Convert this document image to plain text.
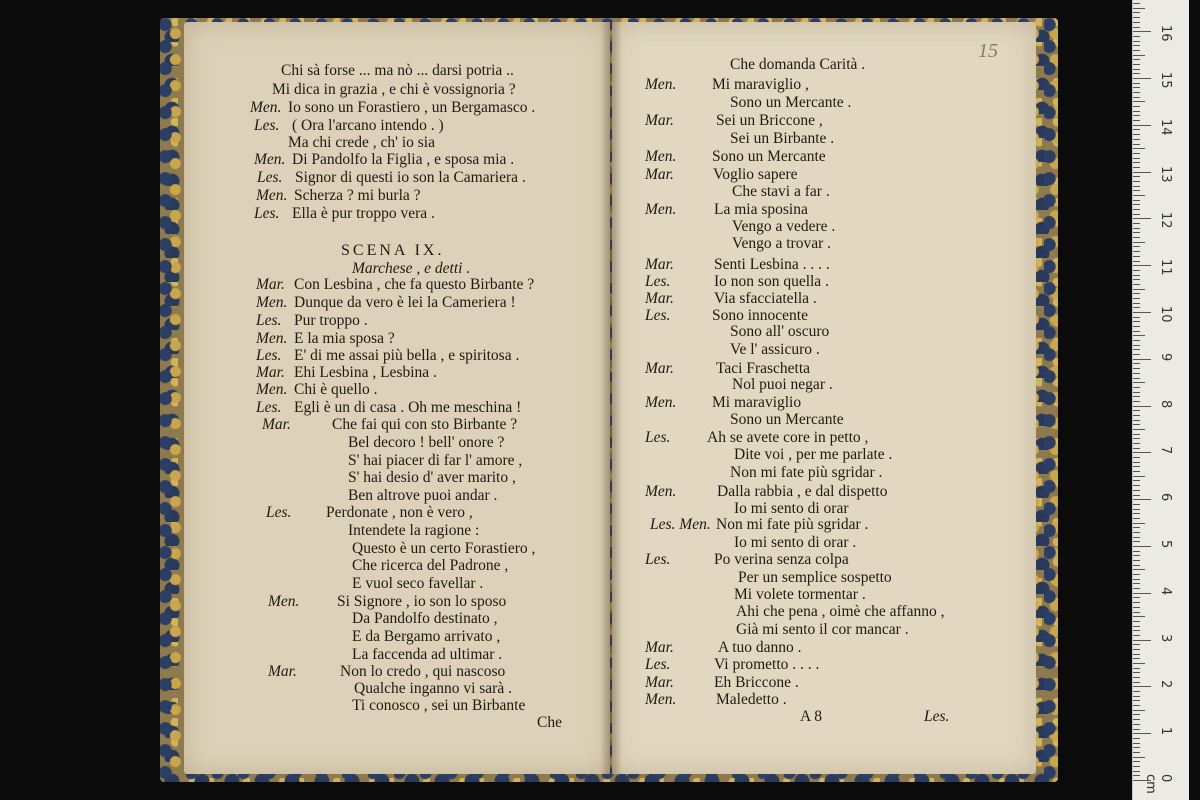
15
Chi sà forse ... ma nò ... darsi potria ..
Mi dica in grazia , e chi è vossignoria ?
Men. Io sono un Forastiero , un Bergamasco .
Les. ( Ora l'arcano intendo . )
Ma chi crede , ch' io sia
Men. Di Pandolfo la Figlia , e sposa mia .
Les. Signor di questi io son la Camariera .
Men. Scherza ? mi burla ?
Les. Ella è pur troppo vera .
SCENA IX.
Marchese , e detti .
Mar. Con Lesbina , che fa questo Birbante ?
Men. Dunque da vero è lei la Cameriera !
Les. Pur troppo .
Men. E la mia sposa ?
Les. E' di me assai più bella , e spiritosa .
Mar. Ehi Lesbina , Lesbina .
Men. Chi è quello .
Les. Egli è un di casa . Oh me meschina !
Mar.	Che fai qui con sto Birbante ?
Bel decoro ! bell' onore ?
S' hai piacer di far l' amore ,
S' hai desio d' aver marito ,
Ben altrove puoi andar .
Les. Perdonate , non è vero ,
Intendete la ragione :
Questo è un certo Forastiero ,
Che ricerca del Padrone ,
E vuol seco favellar .
Men. Si Signore , io son lo sposo
Da Pandolfo destinato ,
E da Bergamo arrivato ,
La faccenda ad ultimar .
Mar.	Non lo credo , qui nascoso
Qualche inganno vi sarà .
Ti conosco , sei un Birbante
Che
Che domanda Carità .
Men. Mi maraviglio ,
Sono un Mercante .
Mar.	Sei un Briccone ,
Sei un Birbante .
Men. Sono un Mercante
Mar.	Voglio sapere
Che stavi a far .
Men. La mia sposina
Vengo a vedere .
Vengo a trovar .
Mar.	Senti Lesbina . . . .
Les.	Io non son quella .
Mar.	Via sfacciatella .
Les.	Sono innocente
Sono all' oscuro
Ve l' assicuro .
Mar.	Taci Fraschetta
Nol puoi negar .
Men. Mi maraviglio
Sono un Mercante
Les. Ah se avete core in petto ,
Dite voi , per me parlate .
Non mi fate più sgridar .
Men.	Dalla rabbia , e dal dispetto
Io mi sento di orar
Les. Men. Non mi fate più sgridar .
Io mi sento di orar .
Les.	Po verina senza colpa
Per un semplice sospetto
Mi volete tormentar .
Ahi che pena , oimè che affanno ,
Già mi sento il cor mancar .
Mar.	A tuo danno .
Les.	Vi prometto . . . .
Mar.	Eh Briccone .
Men.	Maledetto .
A 8	Les.
0 cm
1
2
3
4
5
6
7
8
9
10
11
12
13
14
15
16
